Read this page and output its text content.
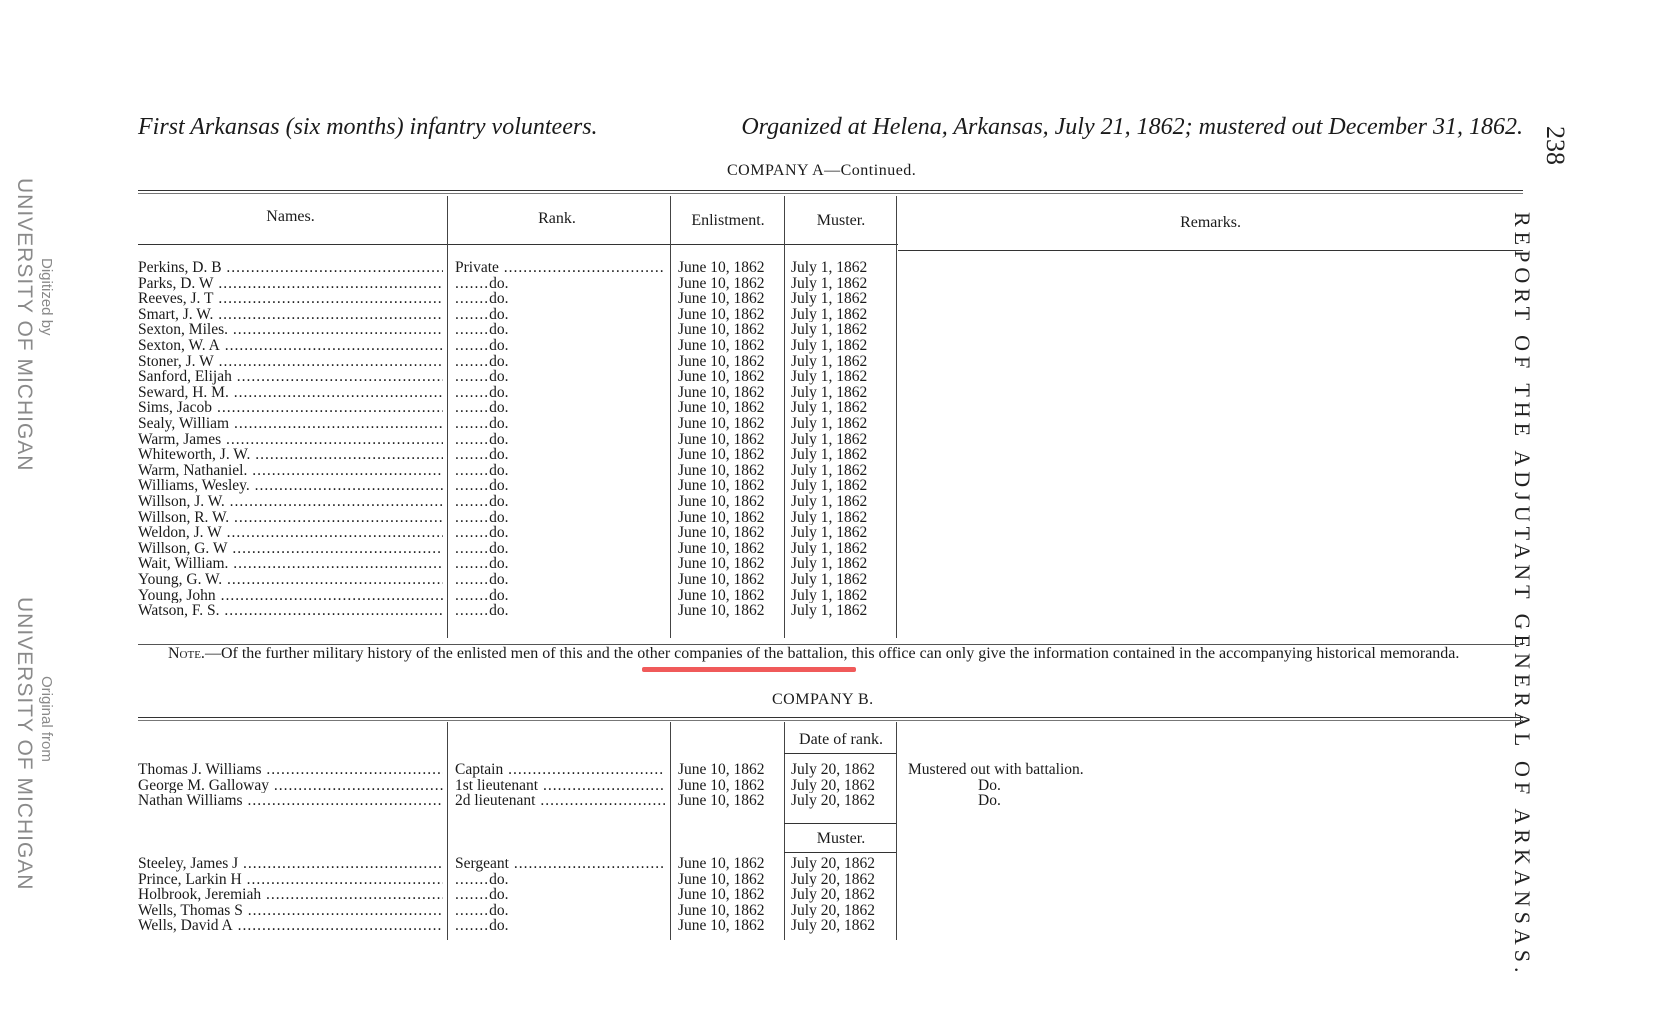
Digitized by
UNIVERSITY OF MICHIGAN
Original from
UNIVERSITY OF MICHIGAN
238
REPORT OF THE ADJUTANT GENERAL OF ARKANSAS.
First Arkansas (six months) infantry volunteers.	Organized at Helena, Arkansas, July 21, 1862; mustered out December 31, 1862.
COMPANY A—Continued.
Names.	Rank.	Enlistment.	Muster.	Remarks.
Perkins, D. B .....	Private .....	June 10, 1862	July 1, 1862
Parks, D. W .....	....... do.	June 10, 1862	July 1, 1862
Reeves, J. T .....	....... do.	June 10, 1862	July 1, 1862
Smart, J. W. .....	....... do.	June 10, 1862	July 1, 1862
Sexton, Miles. .....	....... do.	June 10, 1862	July 1, 1862
Sexton, W. A .....	....... do.	June 10, 1862	July 1, 1862
Stoner, J. W .....	....... do.	June 10, 1862	July 1, 1862
Sanford, Elijah .....	....... do.	June 10, 1862	July 1, 1862
Seward, H. M. .....	....... do.	June 10, 1862	July 1, 1862
Sims, Jacob .....	....... do.	June 10, 1862	July 1, 1862
Sealy, William .....	....... do.	June 10, 1862	July 1, 1862
Warm, James .....	....... do.	June 10, 1862	July 1, 1862
Whiteworth, J. W. .....	....... do.	June 10, 1862	July 1, 1862
Warm, Nathaniel. .....	....... do.	June 10, 1862	July 1, 1862
Williams, Wesley. .....	....... do.	June 10, 1862	July 1, 1862
Willson, J. W. .....	....... do.	June 10, 1862	July 1, 1862
Willson, R. W. .....	....... do.	June 10, 1862	July 1, 1862
Weldon, J. W .....	....... do.	June 10, 1862	July 1, 1862
Willson, G. W .....	....... do.	June 10, 1862	July 1, 1862
Wait, William. .....	....... do.	June 10, 1862	July 1, 1862
Young, G. W. .....	....... do.	June 10, 1862	July 1, 1862
Young, John .....	....... do.	June 10, 1862	July 1, 1862
Watson, F. S. .....	....... do.	June 10, 1862	July 1, 1862
Note.—Of the further military history of the enlisted men of this and the other companies of the battalion, this office can only give the information contained in the accompanying historical memoranda.
COMPANY B.
Date of rank.
Thomas J. Williams .....	Captain .....	June 10, 1862	July 20, 1862	Mustered out with battalion.
George M. Galloway .....	1st lieutenant .....	June 10, 1862	July 20, 1862	Do.
Nathan Williams .....	2d lieutenant .....	June 10, 1862	July 20, 1862	Do.
Muster.
Steeley, James J .....	Sergeant .....	June 10, 1862	July 20, 1862
Prince, Larkin H .....	....... do.	June 10, 1862	July 20, 1862
Holbrook, Jeremiah .....	....... do.	June 10, 1862	July 20, 1862
Wells, Thomas S .....	....... do.	June 10, 1862	July 20, 1862
Wells, David A .....	....... do.	June 10, 1862	July 20, 1862
